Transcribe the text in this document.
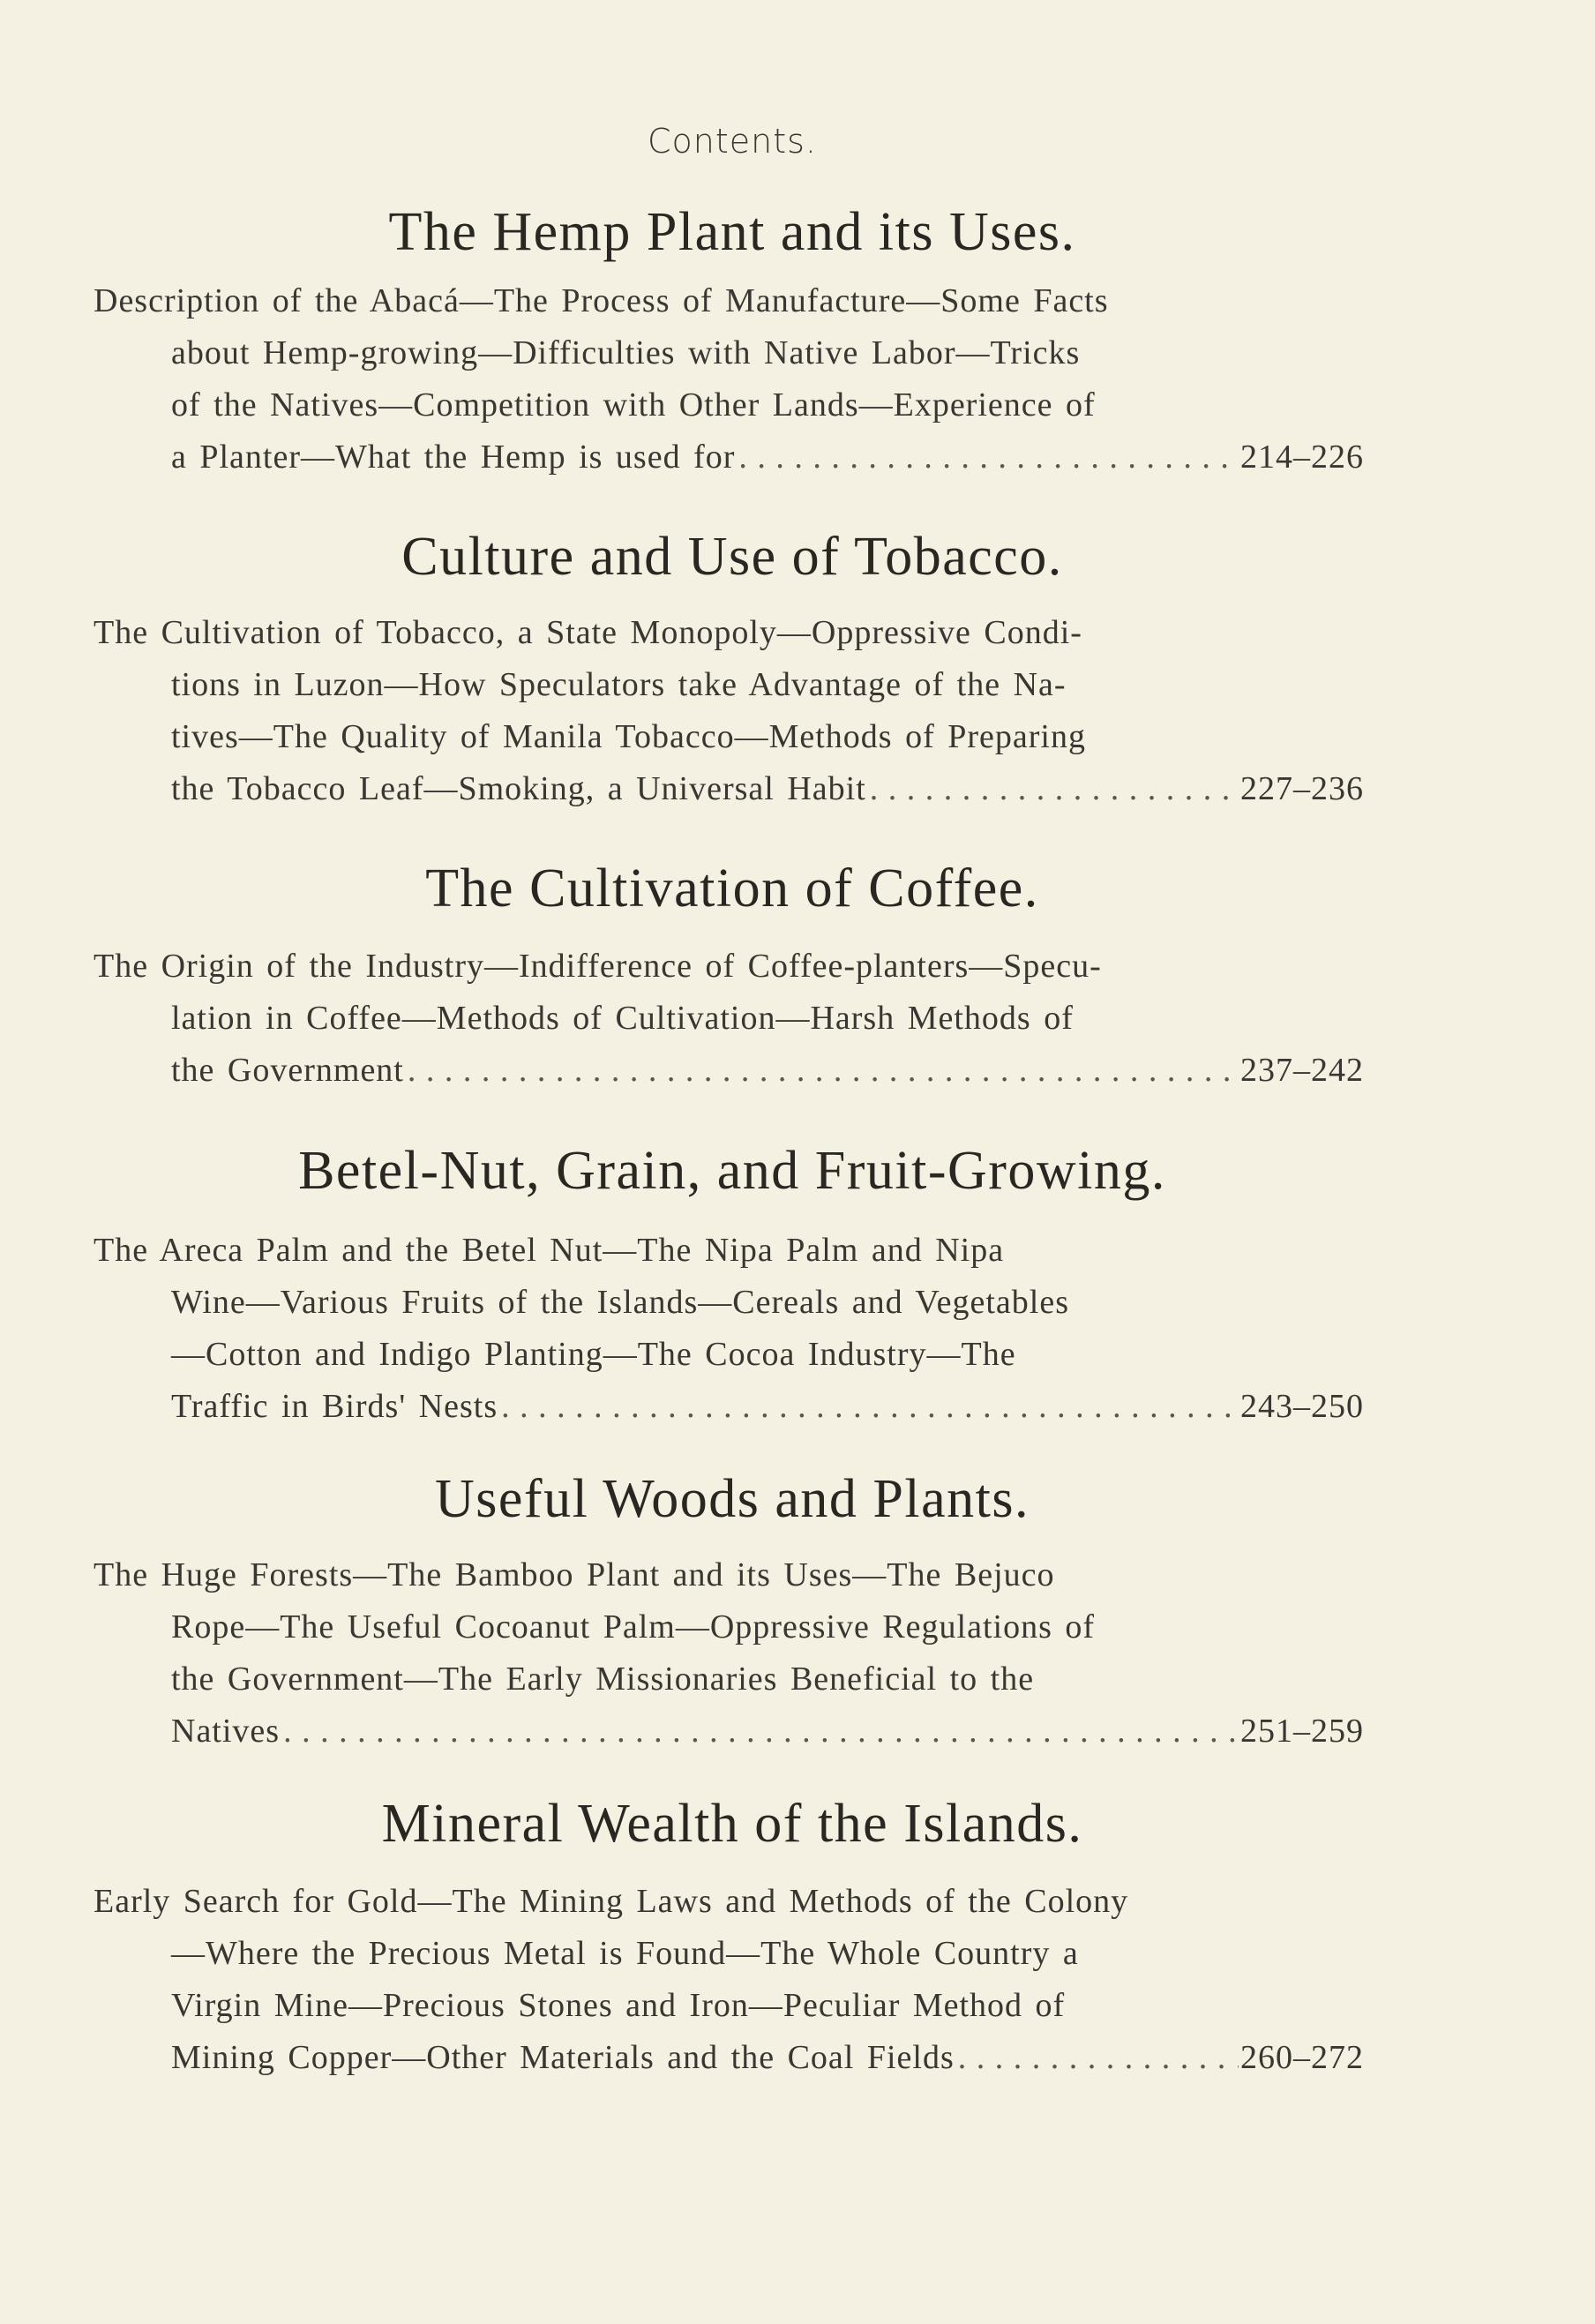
Contents.
The Hemp Plant and its Uses.
Description of the Abacá—The Process of Manufacture—Some Facts
about Hemp-growing—Difficulties with Native Labor—Tricks
of the Natives—Competition with Other Lands—Experience of
a Planter—What the Hemp is used for . . .	214–226
Culture and Use of Tobacco.
The Cultivation of Tobacco, a State Monopoly—Oppressive Condi-
tions in Luzon—How Speculators take Advantage of the Na-
tives—The Quality of Manila Tobacco—Methods of Preparing
the Tobacco Leaf—Smoking, a Universal Habit . . .	227–236
The Cultivation of Coffee.
The Origin of the Industry—Indifference of Coffee-planters—Specu-
lation in Coffee—Methods of Cultivation—Harsh Methods of
the Government . . .	237–242
Betel-Nut, Grain, and Fruit-Growing.
The Areca Palm and the Betel Nut—The Nipa Palm and Nipa
Wine—Various Fruits of the Islands—Cereals and Vegetables
—Cotton and Indigo Planting—The Cocoa Industry—The
Traffic in Birds' Nests . . .	243–250
Useful Woods and Plants.
The Huge Forests—The Bamboo Plant and its Uses—The Bejuco
Rope—The Useful Cocoanut Palm—Oppressive Regulations of
the Government—The Early Missionaries Beneficial to the
Natives . . .	251–259
Mineral Wealth of the Islands.
Early Search for Gold—The Mining Laws and Methods of the Colony
—Where the Precious Metal is Found—The Whole Country a
Virgin Mine—Precious Stones and Iron—Peculiar Method of
Mining Copper—Other Materials and the Coal Fields . . .	260–272
